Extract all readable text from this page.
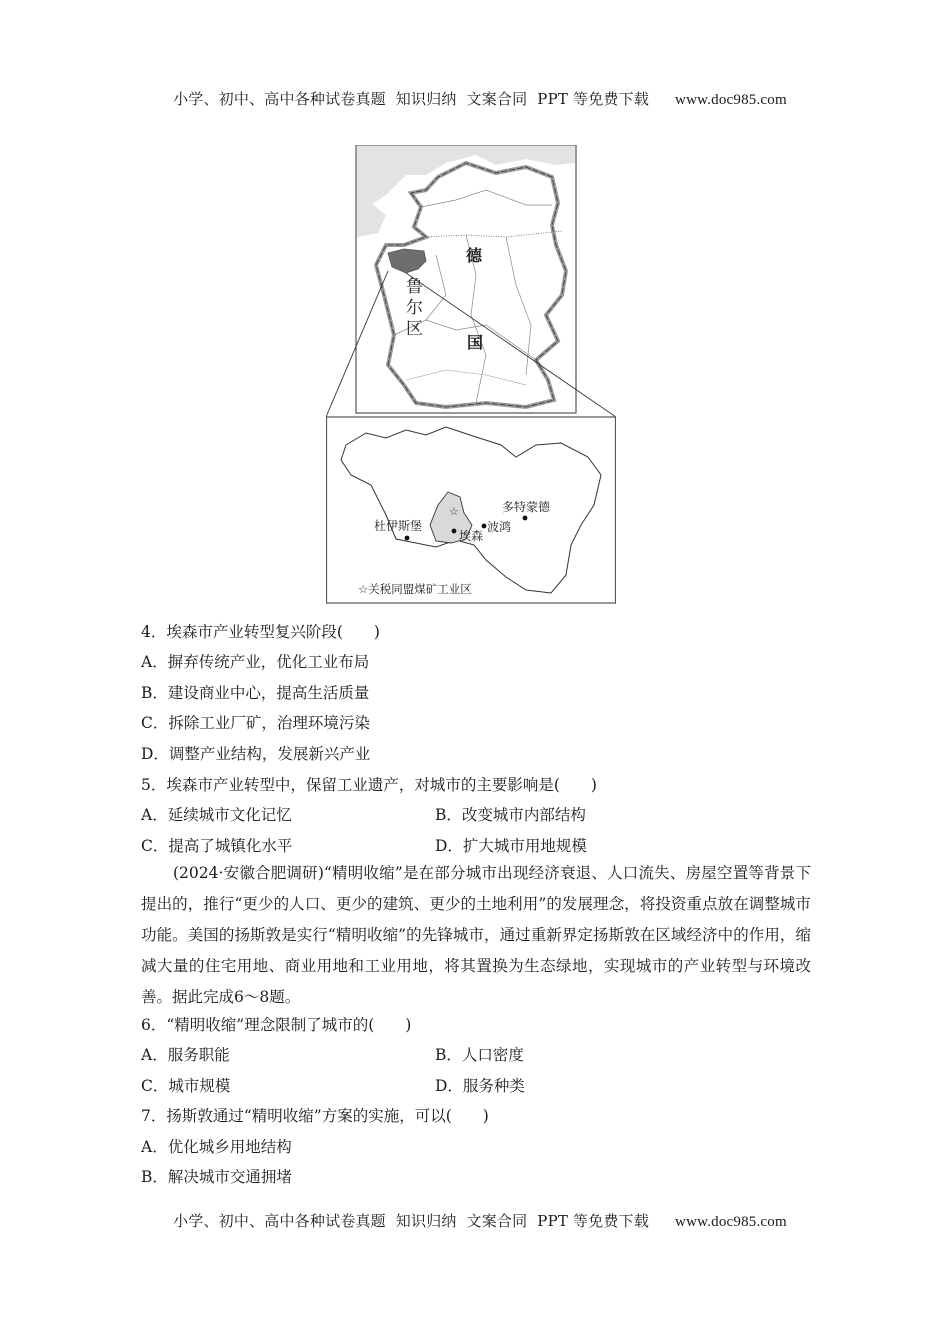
小学、初中、高中各种试卷真题  知识归纳  文案合同  PPT 等免费下载 www.doc985.com

德
鲁
尔
区
国
☆	多特蒙德
杜伊斯堡	波鸿
埃森
☆关税同盟煤矿工业区
4．埃森市产业转型复兴阶段(　　)
A．摒弃传统产业，优化工业布局
B．建设商业中心，提高生活质量
C．拆除工业厂矿，治理环境污染
D．调整产业结构，发展新兴产业
5．埃森市产业转型中，保留工业遗产，对城市的主要影响是(　　)
A．延续城市文化记忆	B．改变城市内部结构
C．提高了城镇化水平	D．扩大城市用地规模
(2024·安徽合肥调研)“精明收缩”是在部分城市出现经济衰退、人口流失、房屋空置等背景下提出的，推行“更少的人口、更少的建筑、更少的土地利用”的发展理念，将投资重点放在调整城市功能。美国的扬斯敦是实行“精明收缩”的先锋城市，通过重新界定扬斯敦在区域经济中的作用，缩减大量的住宅用地、商业用地和工业用地，将其置换为生态绿地，实现城市的产业转型与环境改善。据此完成6～8题。
6．“精明收缩”理念限制了城市的(　　)
A．服务职能	B．人口密度
C．城市规模	D．服务种类
7．扬斯敦通过“精明收缩”方案的实施，可以(　　)
A．优化城乡用地结构
B．解决城市交通拥堵

小学、初中、高中各种试卷真题  知识归纳  文案合同  PPT 等免费下载 www.doc985.com
